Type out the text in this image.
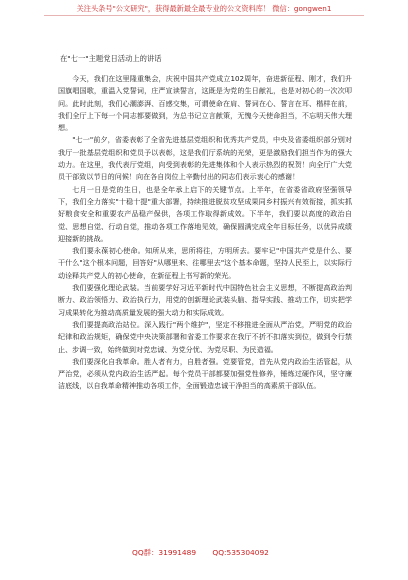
关注头条号"公文研究"，获得最新最全最专业的公文资料库！ 微信：gongwen1
在"七一"主题党日活动上的讲话

今天，我们在这里隆重集会，庆祝中国共产党成立102周年，奋进新征程、刚才，我们升国旗唱国歌，重温入党誓词，庄严宣读誓言，这既是为党的生日献礼，也是对初心的一次次叩问。此时此刻，我们心潮澎湃、百感交集，可谓使命在肩、誓词在心、誓言在耳、楷样在前，我们全厅上下每一个同志都要做到，为总书记立言献策，无愧今天使命担当，不忘明天伟大理想。

"七一"前夕，省委表彰了全省先进基层党组织和优秀共产党员，中央及省委组织部分别对我厅一批基层党组织和党员予以表彰，这是我们厅系统的光荣，更是激励我们担当作为的强大动力。在这里，我代表厅党组，向受到表彰的先进集体和个人表示热烈的祝贺！向全厅广大党员干部致以节日的问候！向在各自岗位上辛勤付出的同志们表示衷心的感谢！

七月一日是党的生日，也是全年承上启下的关键节点。上半年，在省委省政府坚强领导下，我们全力落实"十稳十提"重大部署，持续推进脱贫攻坚成果同乡村振兴有效衔接，抓实抓好粮食安全和重要农产品稳产保供，各项工作取得新成效。下半年，我们要以高度的政治自觉、思想自觉、行动自觉，推动各项工作落地见效，确保圆满完成全年目标任务，以优异成绩迎接新的挑战。

我们要永葆初心使命。知所从来，思所将往，方明所去。要牢记"中国共产党是什么、要干什么"这个根本问题，回答好"从哪里来、往哪里去"这个基本命题，坚持人民至上，以实际行动诠释共产党人的初心使命，在新征程上书写新的荣光。

我们要强化理论武装。当前要学好习近平新时代中国特色社会主义思想，不断提高政治判断力、政治领悟力、政治执行力，用党的创新理论武装头脑、指导实践、推动工作，切实把学习成果转化为推动高质量发展的强大动力和实际成效。

我们要提高政治站位。深入践行"两个维护"，坚定不移推进全面从严治党，严明党的政治纪律和政治规矩，确保党中央决策部署和省委工作要求在我厅不折不扣落实到位，做到令行禁止、步调一致，始终做到对党忠诚、为党分忧、为党尽职、为民造福。

我们要深化自我革命。胜人者有力，自胜者强。党要管党，首先从党内政治生活管起，从严治党，必须从党内政治生活严起。每个党员干部都要加强党性修养，锤炼过硬作风，坚守廉洁底线，以自我革命精神推动各项工作，全面锻造忠诚干净担当的高素质干部队伍。

QQ群：31991489 QQ:535304092
